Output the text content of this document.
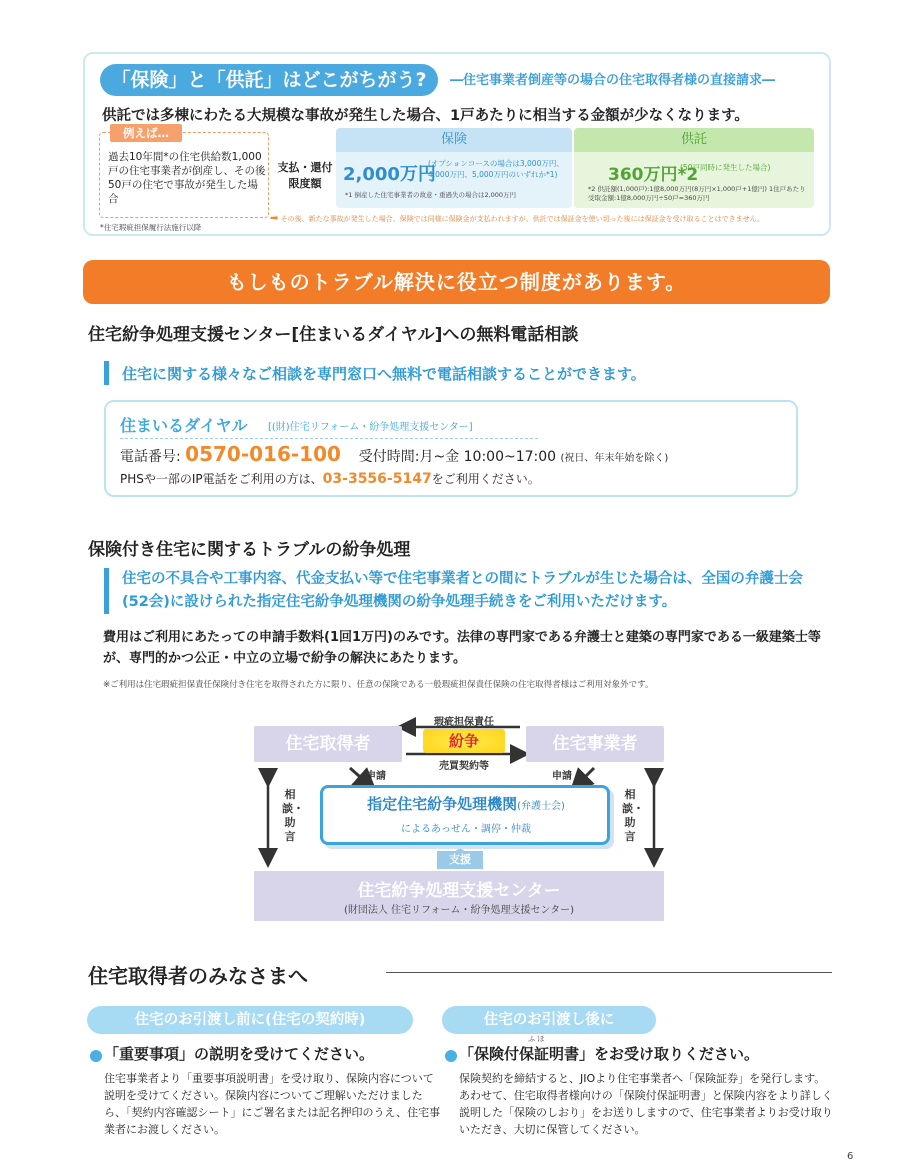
「保険」と「供託」はどこがちがう?	―住宅事業者倒産等の場合の住宅取得者様の直接請求―
供託では多棟にわたる大規模な事故が発生した場合、1戸あたりに相当する金額が少なくなります。
例えば…
過去10年間*の住宅供給数1,000戸の住宅事業者が倒産し、その後50戸の住宅で事故が発生した場合
*住宅瑕疵担保履行法施行以降
支払・還付限度額
保険
2,000万円
(オプションコースの場合は3,000万円、4,000万円、5,000万円のいずれか*1)
*1 倒産した住宅事業者の故意・重過失の場合は2,000万円
供託
360万円*2
(50戸同時に発生した場合)
*2 供託額(1,000戸):1億8,000万円(8万円×1,000戸+1億円) 1住戸あたり受取金額:1億8,000万円÷50戸=360万円
➡ その後、新たな事故が発生した場合、保険では同様に保険金が支払われますが、供託では保証金を使い切った後には保証金を受け取ることはできません。
もしものトラブル解決に役立つ制度があります。
住宅紛争処理支援センター[住まいるダイヤル]への無料電話相談
住宅に関する様々なご相談を専門窓口へ無料で電話相談することができます。
住まいるダイヤル [(財)住宅リフォーム・紛争処理支援センター]
電話番号: 0570-016-100 受付時間:月~金 10:00~17:00 (祝日、年末年始を除く)
PHSや一部のIP電話をご利用の方は、03-3556-5147をご利用ください。
保険付き住宅に関するトラブルの紛争処理
住宅の不具合や工事内容、代金支払い等で住宅事業者との間にトラブルが生じた場合は、全国の弁護士会(52会)に設けられた指定住宅紛争処理機関の紛争処理手続きをご利用いただけます。
費用はご利用にあたっての申請手数料(1回1万円)のみです。法律の専門家である弁護士と建築の専門家である一級建築士等が、専門的かつ公正・中立の立場で紛争の解決にあたります。
※ご利用は住宅瑕疵担保責任保険付き住宅を取得された方に限り、任意の保険である一般瑕疵担保責任保険の住宅取得者様はご利用対象外です。
住宅取得者	住宅事業者
瑕疵担保責任
紛争
売買契約等
申請	申請
相談・助言
相談・助言
指定住宅紛争処理機関(弁護士会)
によるあっせん・調停・仲裁
支援
住宅紛争処理支援センター
(財団法人 住宅リフォーム・紛争処理支援センター)
住宅取得者のみなさまへ
住宅のお引渡し前に(住宅の契約時)
「重要事項」の説明を受けてください。
住宅事業者より「重要事項説明書」を受け取り、保険内容について説明を受けてください。保険内容についてご理解いただけましたら、「契約内容確認シート」にご署名または記名押印のうえ、住宅事業者にお渡しください。
住宅のお引渡し後に
ふ ほ
「保険付保証明書」をお受け取りください。
保険契約を締結すると、JIOより住宅事業者へ「保険証券」を発行します。あわせて、住宅取得者様向けの「保険付保証明書」と保険内容をより詳しく説明した「保険のしおり」をお送りしますので、住宅事業者よりお受け取りいただき、大切に保管してください。
6
